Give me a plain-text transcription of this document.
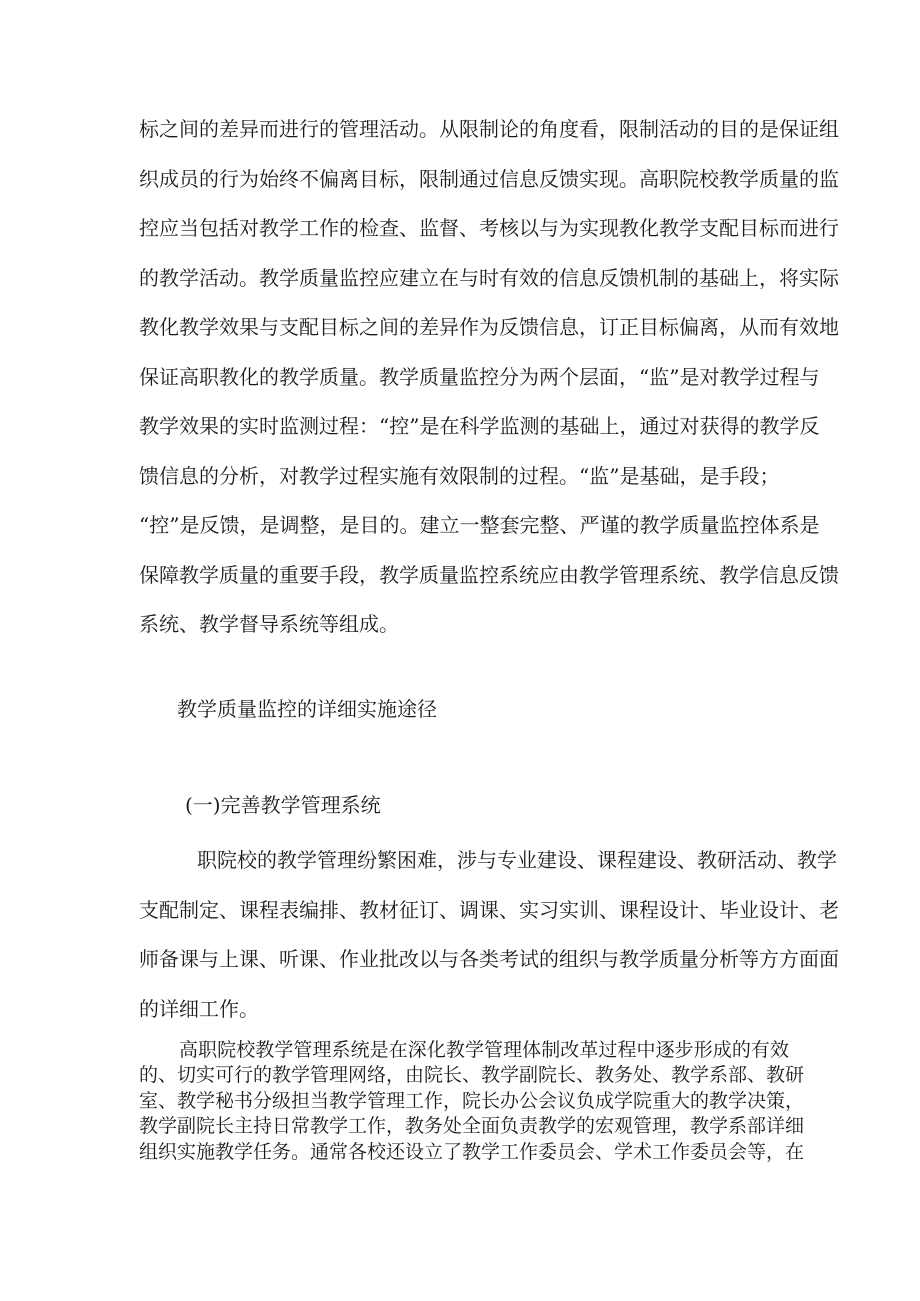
标之间的差异而进行的管理活动。从限制论的角度看，限制活动的目的是保证组
织成员的行为始终不偏离目标，限制通过信息反馈实现。高职院校教学质量的监
控应当包括对教学工作的检查、监督、考核以与为实现教化教学支配目标而进行
的教学活动。教学质量监控应建立在与时有效的信息反馈机制的基础上，将实际
教化教学效果与支配目标之间的差异作为反馈信息，订正目标偏离，从而有效地
保证高职教化的教学质量。教学质量监控分为两个层面，“监”是对教学过程与
教学效果的实时监测过程：“控”是在科学监测的基础上，通过对获得的教学反
馈信息的分析，对教学过程实施有效限制的过程。“监”是基础，是手段；
“控”是反馈，是调整，是目的。建立一整套完整、严谨的教学质量监控体系是
保障教学质量的重要手段，教学质量监控系统应由教学管理系统、教学信息反馈
系统、教学督导系统等组成。
教学质量监控的详细实施途径
(一)完善教学管理系统
职院校的教学管理纷繁困难，涉与专业建设、课程建设、教研活动、教学
支配制定、课程表编排、教材征订、调课、实习实训、课程设计、毕业设计、老
师备课与上课、听课、作业批改以与各类考试的组织与教学质量分析等方方面面
的详细工作。
高职院校教学管理系统是在深化教学管理体制改革过程中逐步形成的有效
的、切实可行的教学管理网络，由院长、教学副院长、教务处、教学系部、教研
室、教学秘书分级担当教学管理工作，院长办公会议负成学院重大的教学决策，
教学副院长主持日常教学工作，教务处全面负责教学的宏观管理，教学系部详细
组织实施教学任务。通常各校还设立了教学工作委员会、学术工作委员会等，在
